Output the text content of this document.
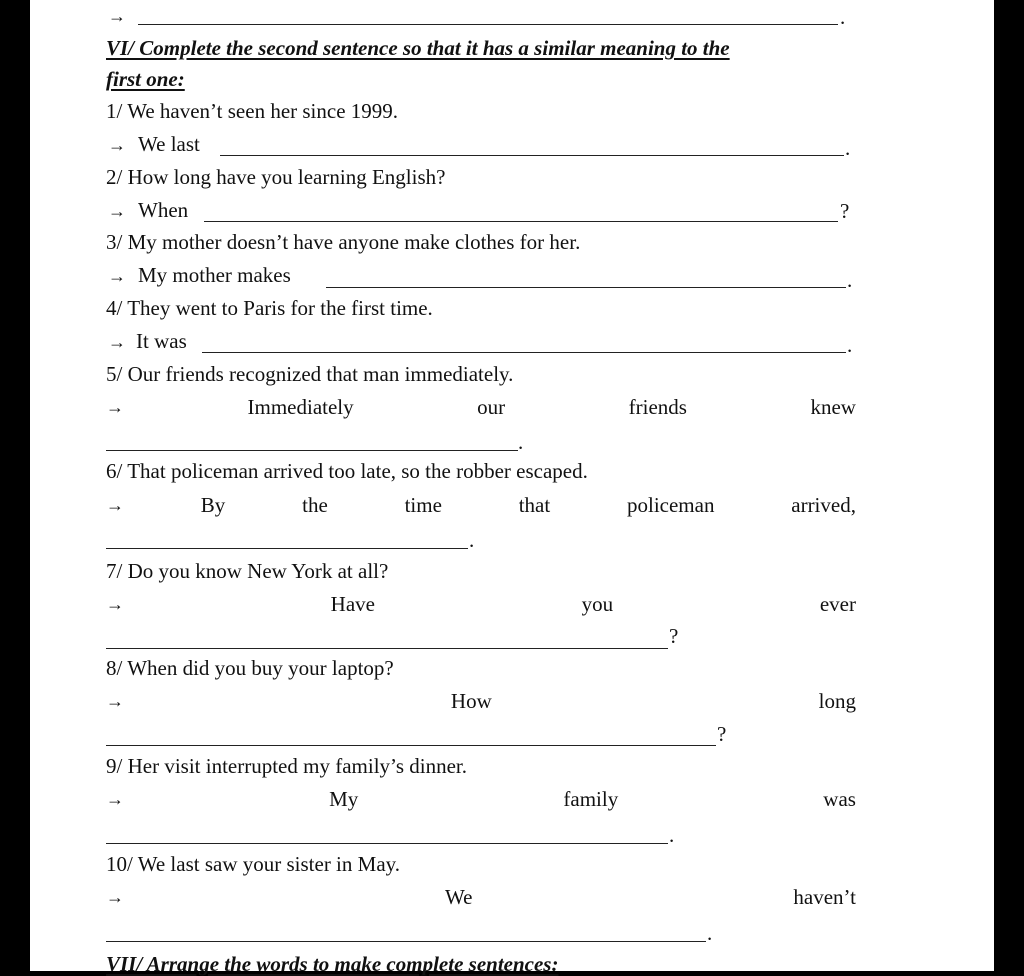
→	.
VI/ Complete the second sentence so that it has a similar meaning to the
first one:
1/ We haven’t seen her since 1999.
→ We last	.
2/ How long have you learning English?
→ When	?
3/ My mother doesn’t have anyone make clothes for her.
→ My mother makes	.
4/ They went to Paris for the first time.
→ It was	.
5/ Our friends recognized that man immediately.
→	Immediately	our	friends	knew
.
6/ That policeman arrived too late, so the robber escaped.
→	By	the	time	that	policeman	arrived,
.
7/ Do you know New York at all?
→	Have	you	ever
?
8/ When did you buy your laptop?
→	How	long
?
9/ Her visit interrupted my family’s dinner.
→	My	family	was
.
10/ We last saw your sister in May.
→	We	haven’t
.
VII/ Arrange the words to make complete sentences:
